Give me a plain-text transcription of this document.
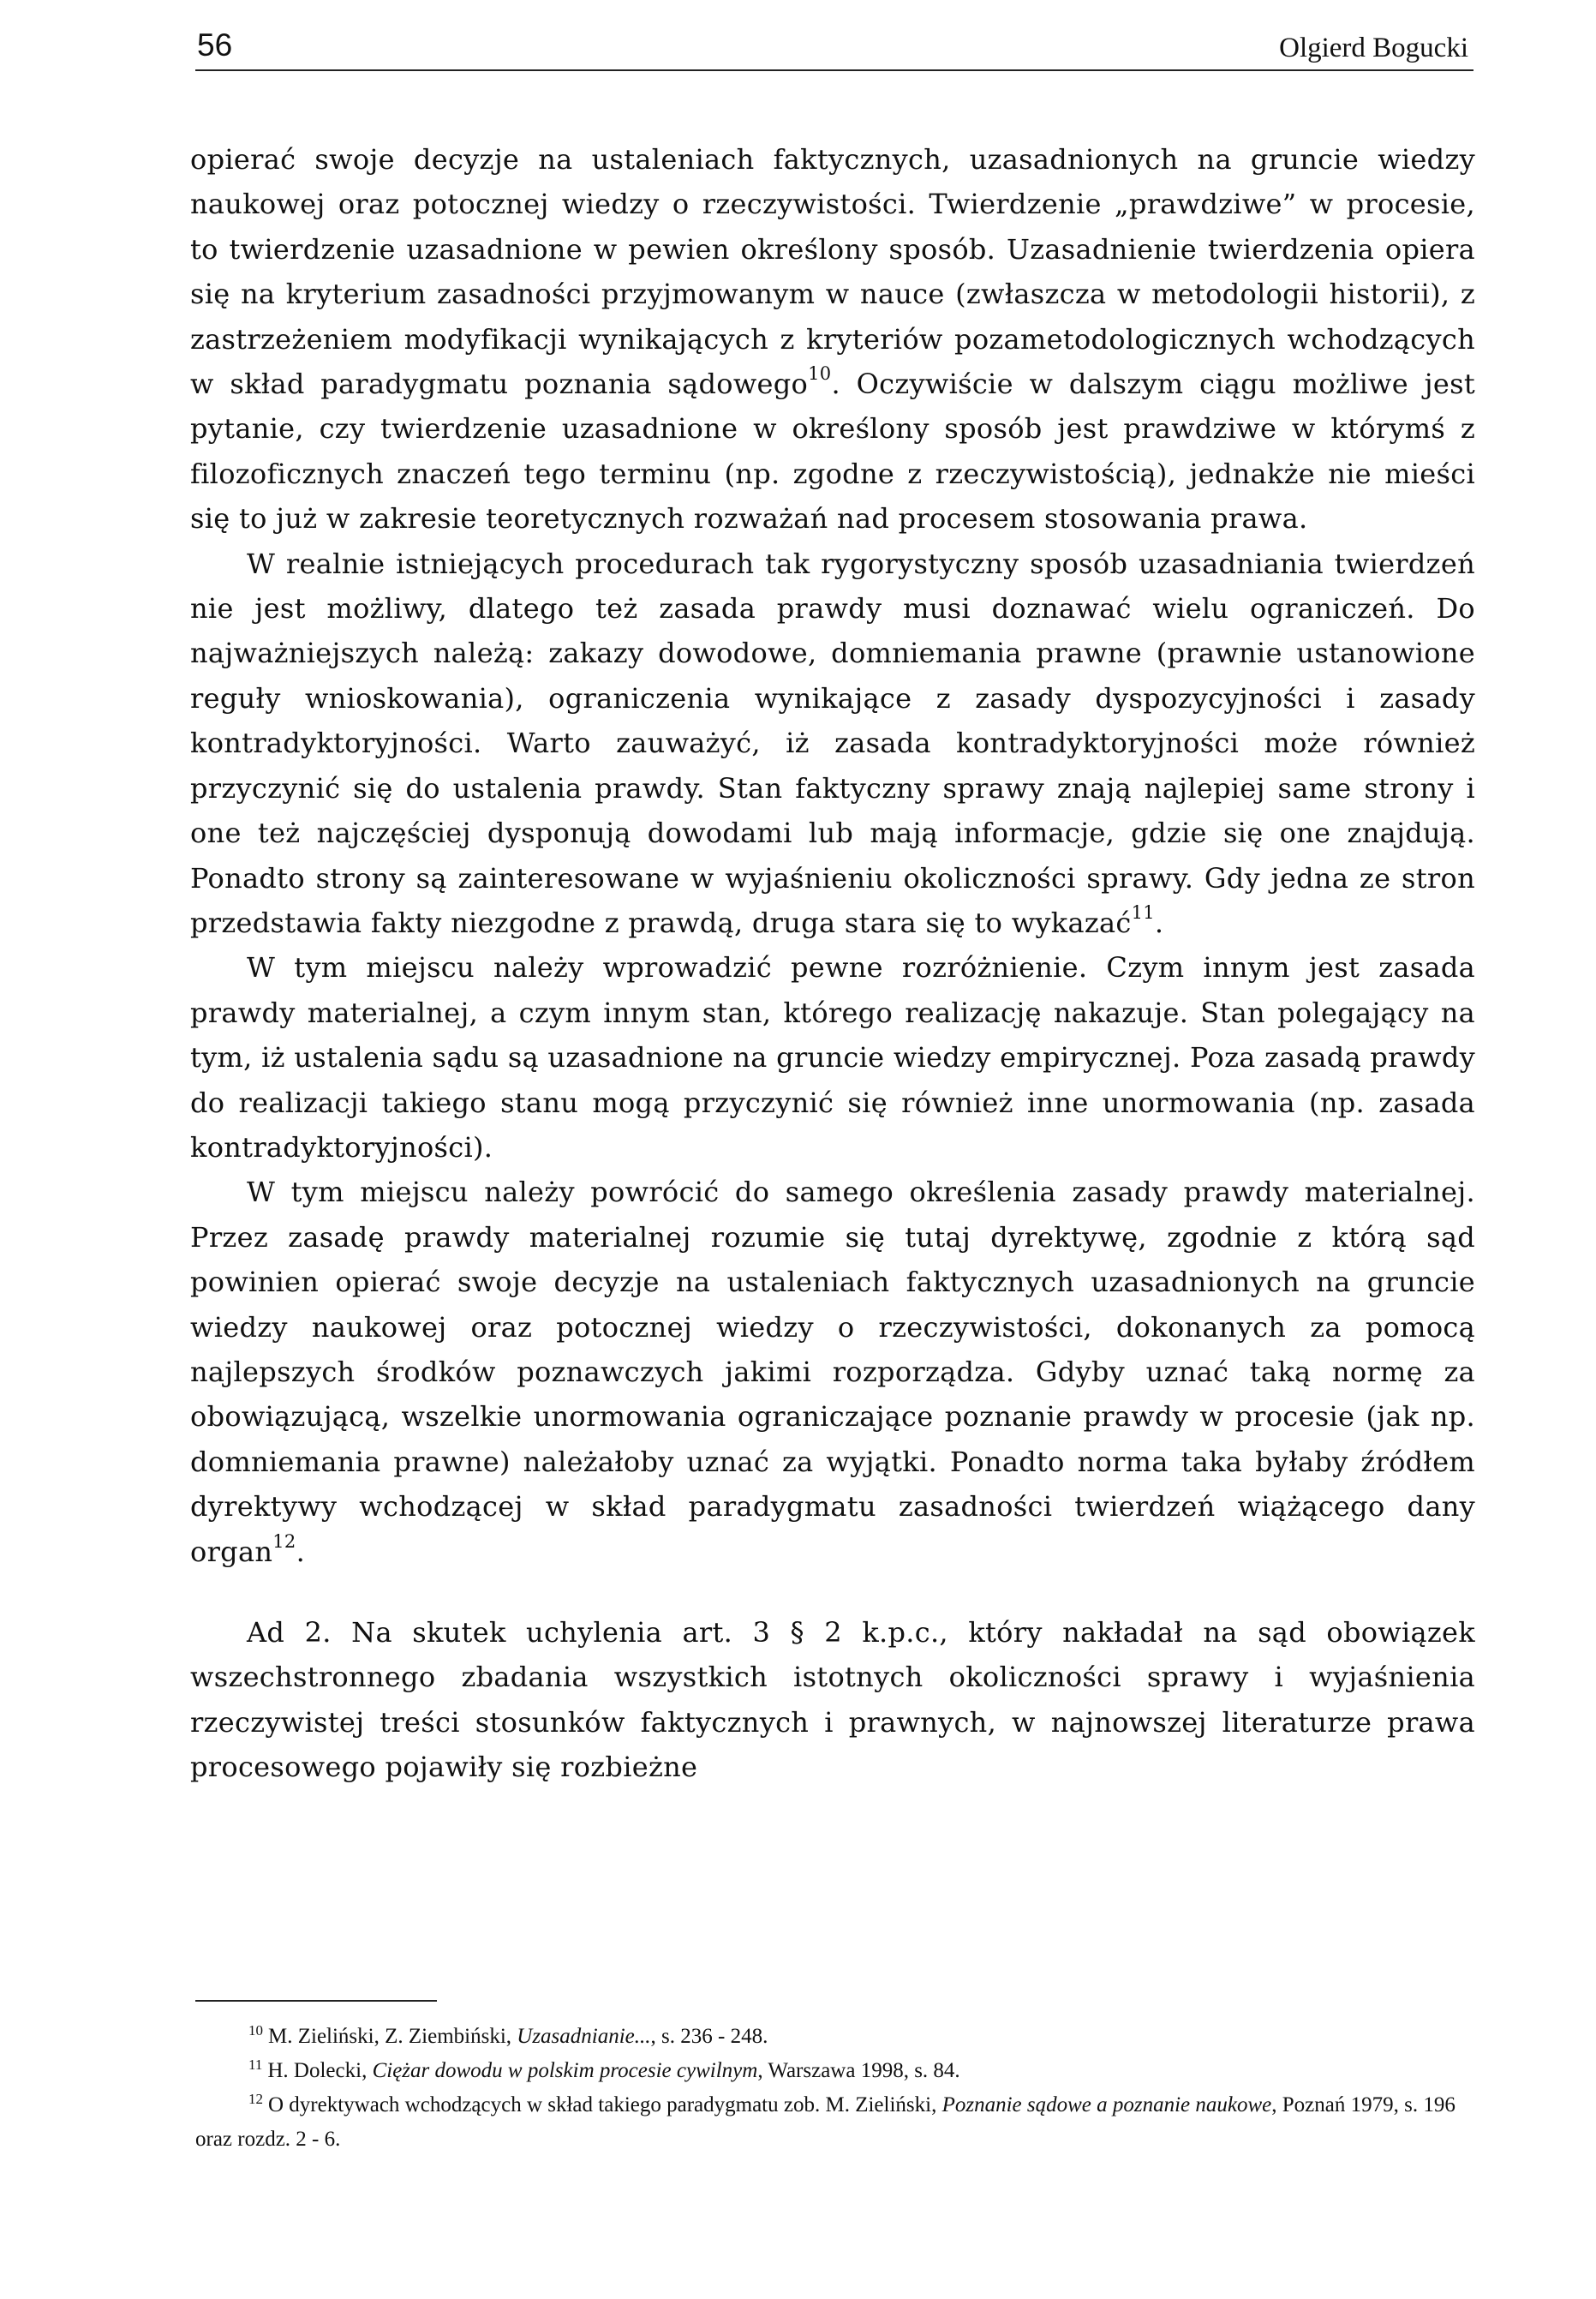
56	Olgierd Bogucki

opierać swoje decyzje na ustaleniach faktycznych, uzasadnionych na gruncie wiedzy naukowej oraz potocznej wiedzy o rzeczywistości. Twierdzenie „prawdziwe” w procesie, to twierdzenie uzasadnione w pewien określony sposób. Uzasadnienie twierdzenia opiera się na kryterium zasadności przyjmowanym w nauce (zwłaszcza w metodologii historii), z zastrzeżeniem modyfikacji wynikających z kryteriów pozametodologicznych wchodzących w skład paradygmatu poznania sądowego$^{10}$. Oczywiście w dalszym ciągu możliwe jest pytanie, czy twierdzenie uzasadnione w określony sposób jest prawdziwe w którymś z filozoficznych znaczeń tego terminu (np. zgodne z rzeczywistością), jednakże nie mieści się to już w zakresie teoretycznych rozważań nad procesem stosowania prawa.

W realnie istniejących procedurach tak rygorystyczny sposób uzasadniania twierdzeń nie jest możliwy, dlatego też zasada prawdy musi doznawać wielu ograniczeń. Do najważniejszych należą: zakazy dowodowe, domniemania prawne (prawnie ustanowione reguły wnioskowania), ograniczenia wynikające z zasady dyspozycyjności i zasady kontradyktoryjności. Warto zauważyć, iż zasada kontradyktoryjności może również przyczynić się do ustalenia prawdy. Stan faktyczny sprawy znają najlepiej same strony i one też najczęściej dysponują dowodami lub mają informacje, gdzie się one znajdują. Ponadto strony są zainteresowane w wyjaśnieniu okoliczności sprawy. Gdy jedna ze stron przedstawia fakty niezgodne z prawdą, druga stara się to wykazać$^{11}$.

W tym miejscu należy wprowadzić pewne rozróżnienie. Czym innym jest zasada prawdy materialnej, a czym innym stan, którego realizację nakazuje. Stan polegający na tym, iż ustalenia sądu są uzasadnione na gruncie wiedzy empirycznej. Poza zasadą prawdy do realizacji takiego stanu mogą przyczynić się również inne unormowania (np. zasada kontradyktoryjności).

W tym miejscu należy powrócić do samego określenia zasady prawdy materialnej. Przez zasadę prawdy materialnej rozumie się tutaj dyrektywę, zgodnie z którą sąd powinien opierać swoje decyzje na ustaleniach faktycznych uzasadnionych na gruncie wiedzy naukowej oraz potocznej wiedzy o rzeczywistości, dokonanych za pomocą najlepszych środków poznawczych jakimi rozporządza. Gdyby uznać taką normę za obowiązującą, wszelkie unormowania ograniczające poznanie prawdy w procesie (jak np. domniemania prawne) należałoby uznać za wyjątki. Ponadto norma taka byłaby źródłem dyrektywy wchodzącej w skład paradygmatu zasadności twierdzeń wiążącego dany organ$^{12}$.

Ad 2. Na skutek uchylenia art. 3 § 2 k.p.c., który nakładał na sąd obowiązek wszechstronnego zbadania wszystkich istotnych okoliczności sprawy i wyjaśnienia rzeczywistej treści stosunków faktycznych i prawnych, w najnowszej literaturze prawa procesowego pojawiły się rozbieżne

$^{10}$ M. Zieliński, Z. Ziembiński, Uzasadnianie..., s. 236 - 248.

$^{11}$ H. Dolecki, Ciężar dowodu w polskim procesie cywilnym, Warszawa 1998, s. 84.

$^{12}$ O dyrektywach wchodzących w skład takiego paradygmatu zob. M. Zieliński, Poznanie sądowe a poznanie naukowe, Poznań 1979, s. 196 oraz rozdz. 2 - 6.
